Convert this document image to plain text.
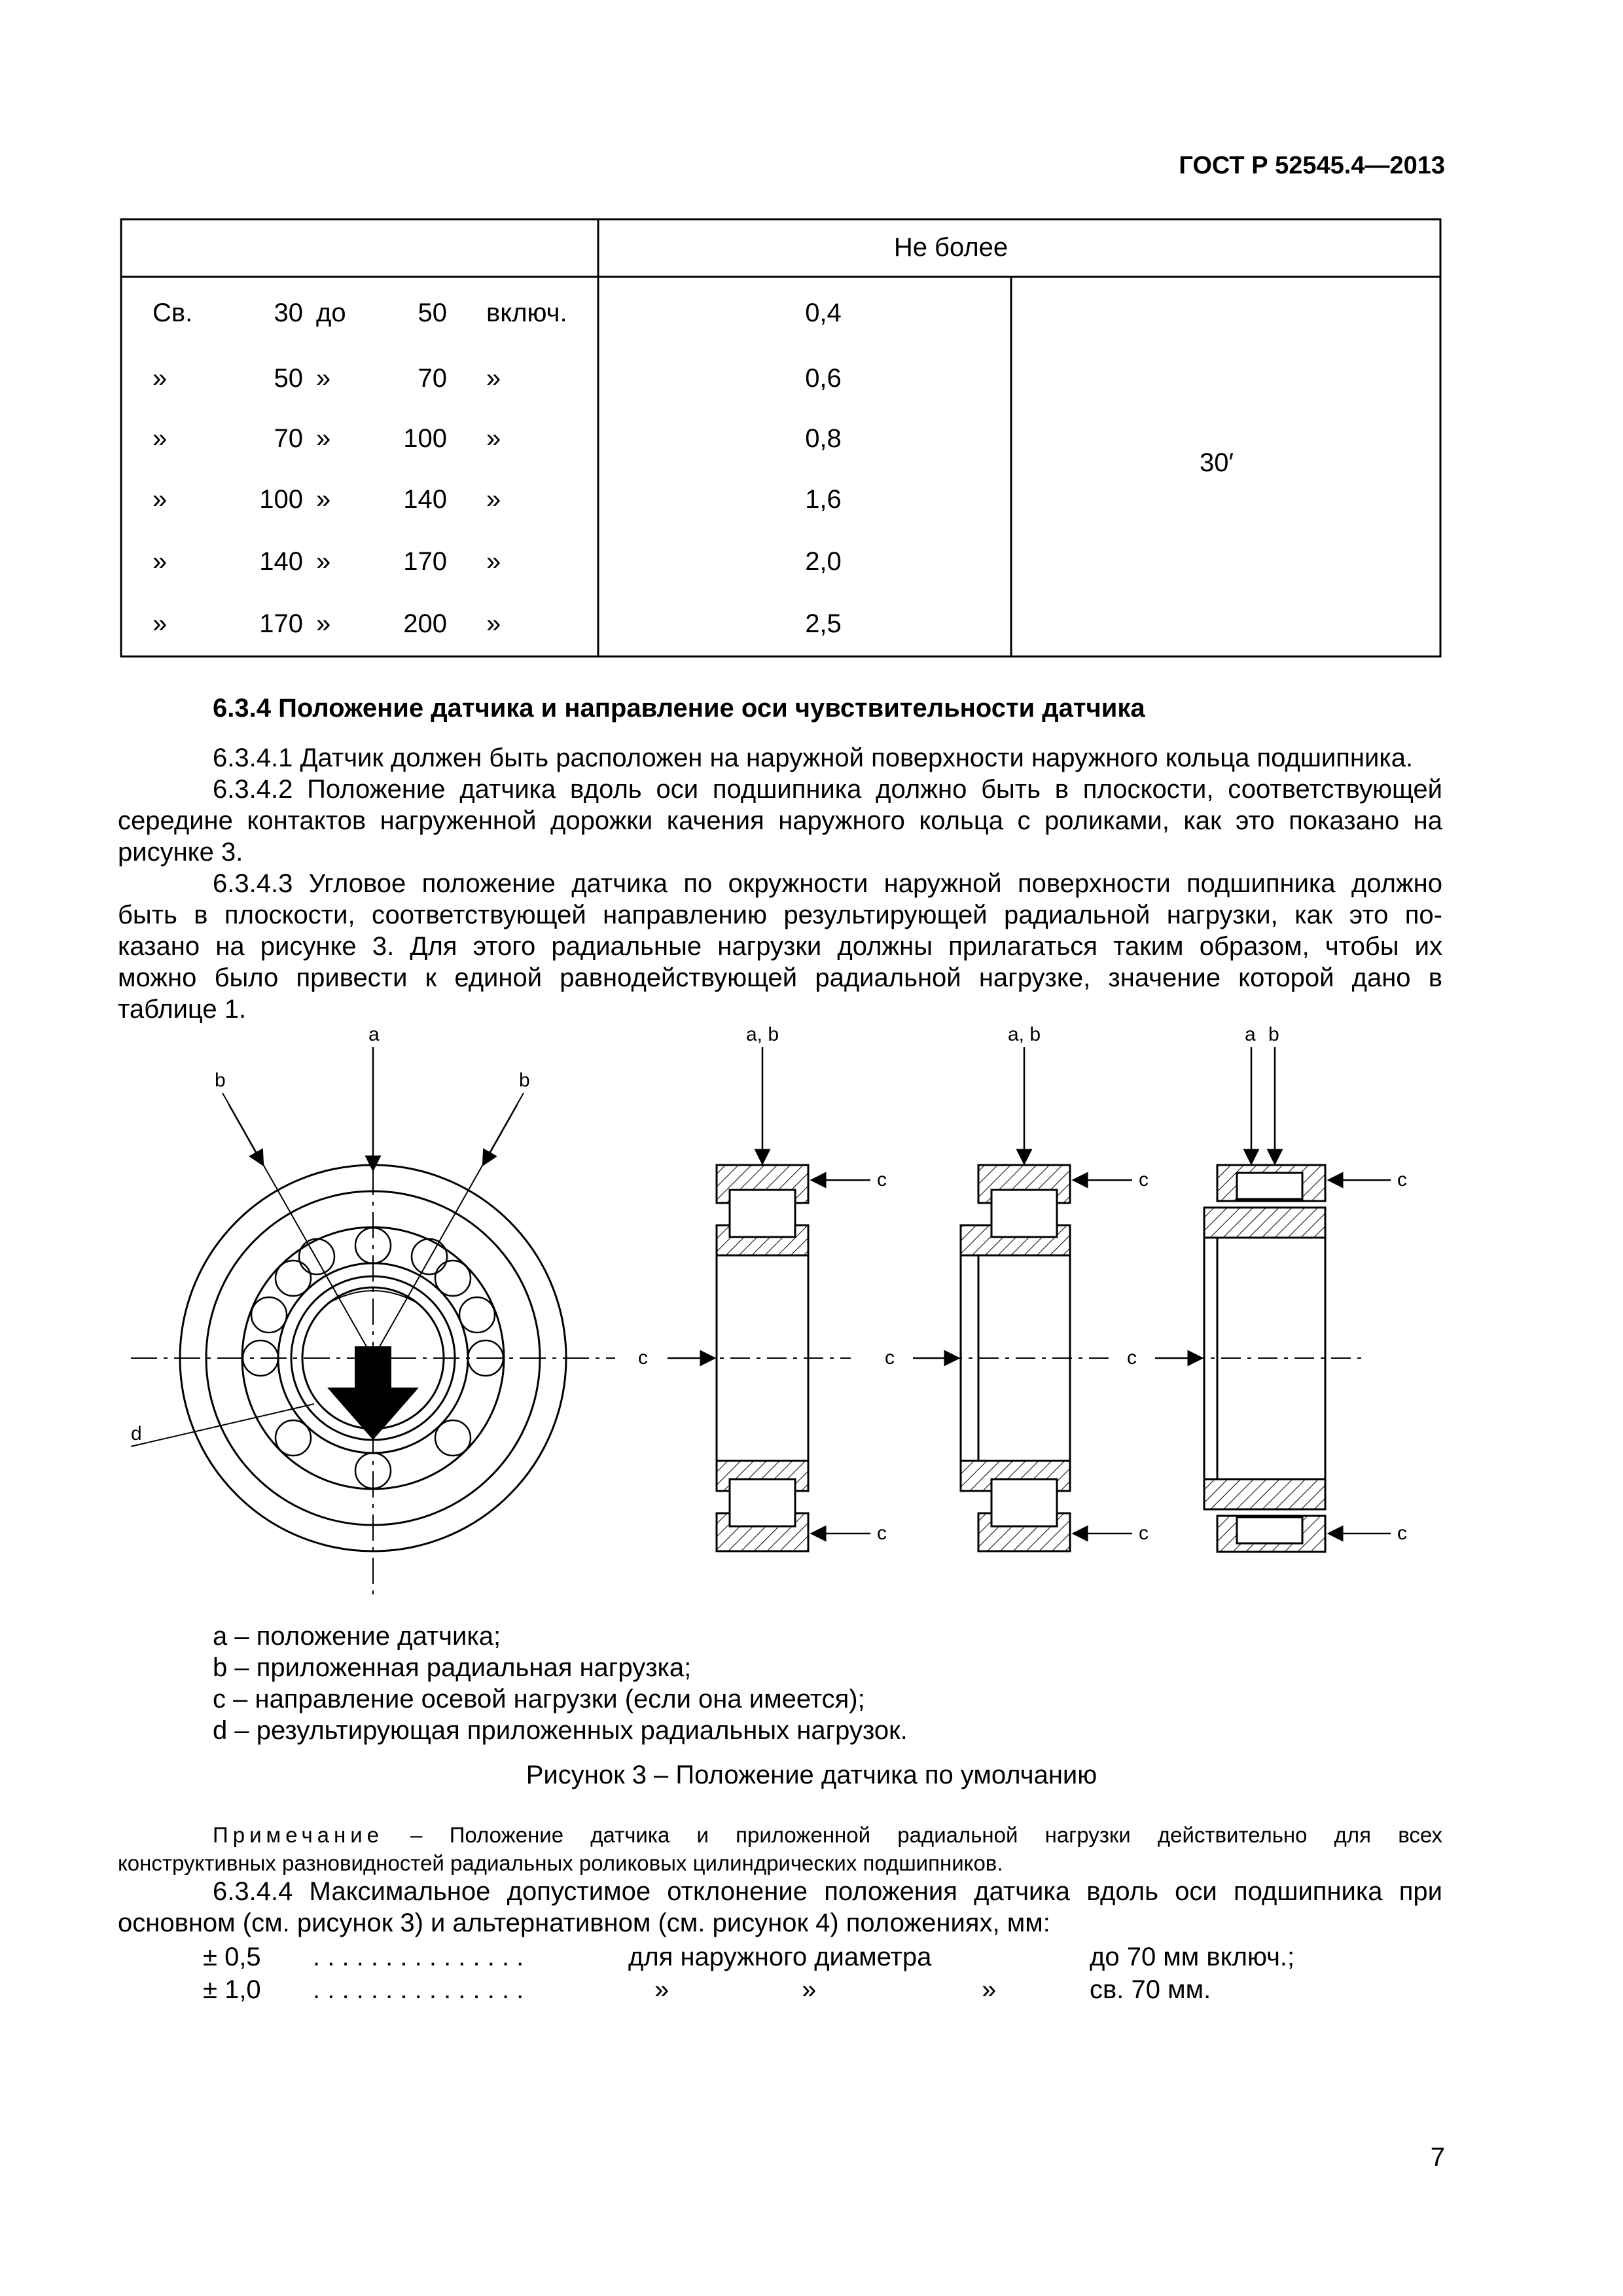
ГОСТ Р 52545.4—2013
Не более
30′
Св.	30 до	50 включ.	0,4
»	50 »	70 »	0,6
»	70 »	100 »	0,8
»	100 »	140 »	1,6
»	140 »	170 »	2,0
»	170 »	200 »	2,5
6.3.4 Положение датчика и направление оси чувствительности датчика
6.3.4.1 Датчик должен быть расположен на наружной поверхности наружного кольца подшипника.
6.3.4.2 Положение датчика вдоль оси подшипника должно быть в плоскости, соответствующей
середине контактов нагруженной дорожки качения наружного кольца с роликами, как это показано на
рисунке 3.
6.3.4.3 Угловое положение датчика по окружности наружной поверхности подшипника должно
быть в плоскости, соответствующей направлению результирующей радиальной нагрузки, как это по-
казано на рисунке 3. Для этого радиальные нагрузки должны прилагаться таким образом, чтобы их
можно было привести к единой равнодействующей радиальной нагрузке, значение которой дано в
таблице 1.
a
b	b
d
a, b	a, b	a b
c
c
c
c
c
c
c
c
c
a – положение датчика;
b – приложенная радиальная нагрузка;
c – направление осевой нагрузки (если она имеется);
d – результирующая приложенных радиальных нагрузок.
Рисунок 3 – Положение датчика по умолчанию
Примечание – Положение датчика и приложенной радиальной нагрузки действительно для всех
конструктивных разновидностей радиальных роликовых цилиндрических подшипников.
6.3.4.4 Максимальное допустимое отклонение положения датчика вдоль оси подшипника при
основном (см. рисунок 3) и альтернативном (см. рисунок 4) положениях, мм:
± 0,5 . . . . . . . . . . . . . . .	для наружного диаметра	до 70 мм включ.;
± 1,0 . . . . . . . . . . . . . . .	»	»	»	св. 70 мм.
7
